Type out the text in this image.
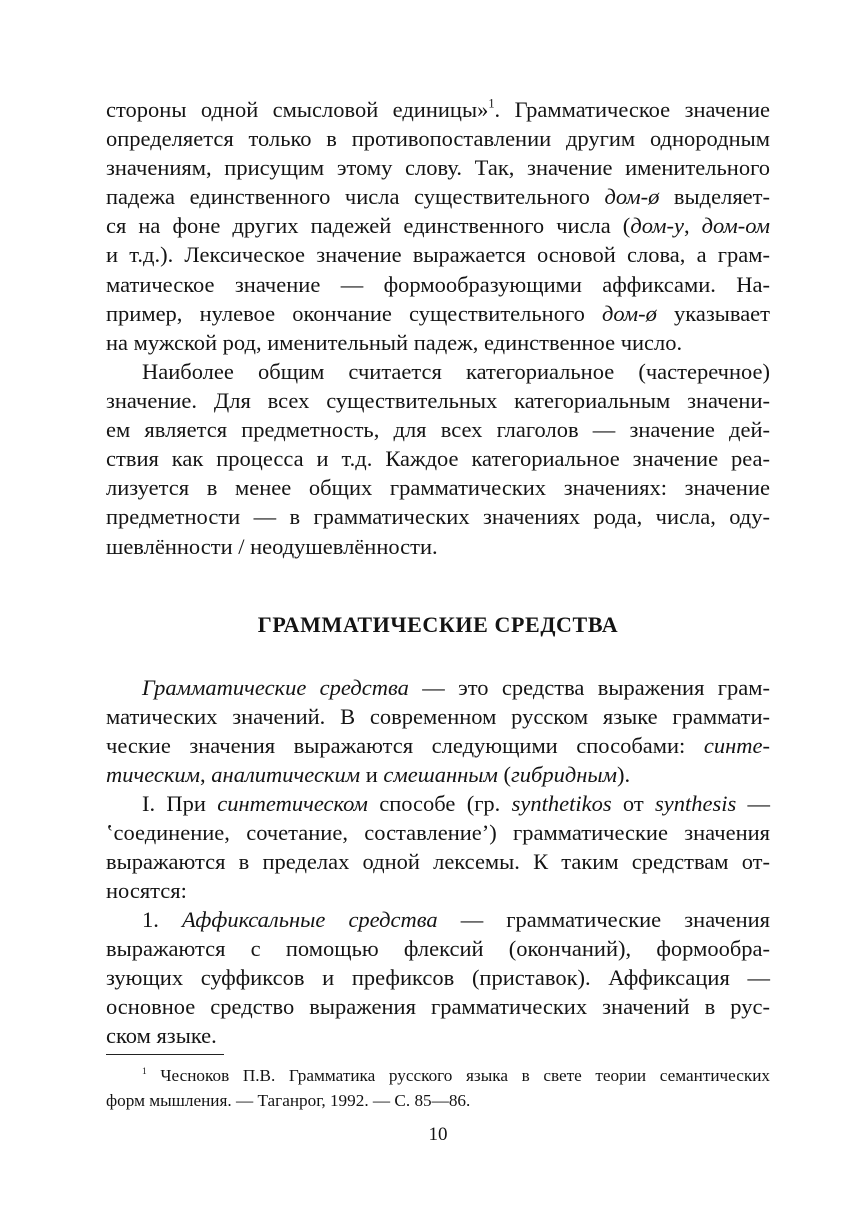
стороны одной смысловой единицы»$^1$. Грамматическое значение
определяется только в противопоставлении другим однородным
значениям, присущим этому слову. Так, значение именительного
падежа единственного числа существительного дом-ø выделяет-
ся на фоне других падежей единственного числа (дом-у, дом-ом
и т.д.). Лексическое значение выражается основой слова, а грам-
матическое значение — формообразующими аффиксами. На-
пример, нулевое окончание существительного дом-ø указывает
на мужской род, именительный падеж, единственное число.
Наиболее общим считается категориальное (частеречное)
значение. Для всех существительных категориальным значени-
ем является предметность, для всех глаголов — значение дей-
ствия как процесса и т.д. Каждое категориальное значение реа-
лизуется в менее общих грамматических значениях: значение
предметности — в грамматических значениях рода, числа, оду-
шевлённости / неодушевлённости.
ГРАММАТИЧЕСКИЕ СРЕДСТВА
Грамматические средства — это средства выражения грам-
матических значений. В современном русском языке граммати-
ческие значения выражаются следующими способами: синте-
тическим, аналитическим и смешанным (гибридным).
I. При синтетическом способе (гр. synthetikos от synthesis —
ʽсоединение, сочетание, составление’) грамматические значения
выражаются в пределах одной лексемы. К таким средствам от-
носятся:
1. Аффиксальные средства — грамматические значения
выражаются с помощью флексий (окончаний), формообра-
зующих суффиксов и префиксов (приставок). Аффиксация —
основное средство выражения грамматических значений в рус-
ском языке.
$^1$ Чесноков П.В. Грамматика русского языка в свете теории семантических
форм мышления. — Таганрог, 1992. — С. 85—86.
10
